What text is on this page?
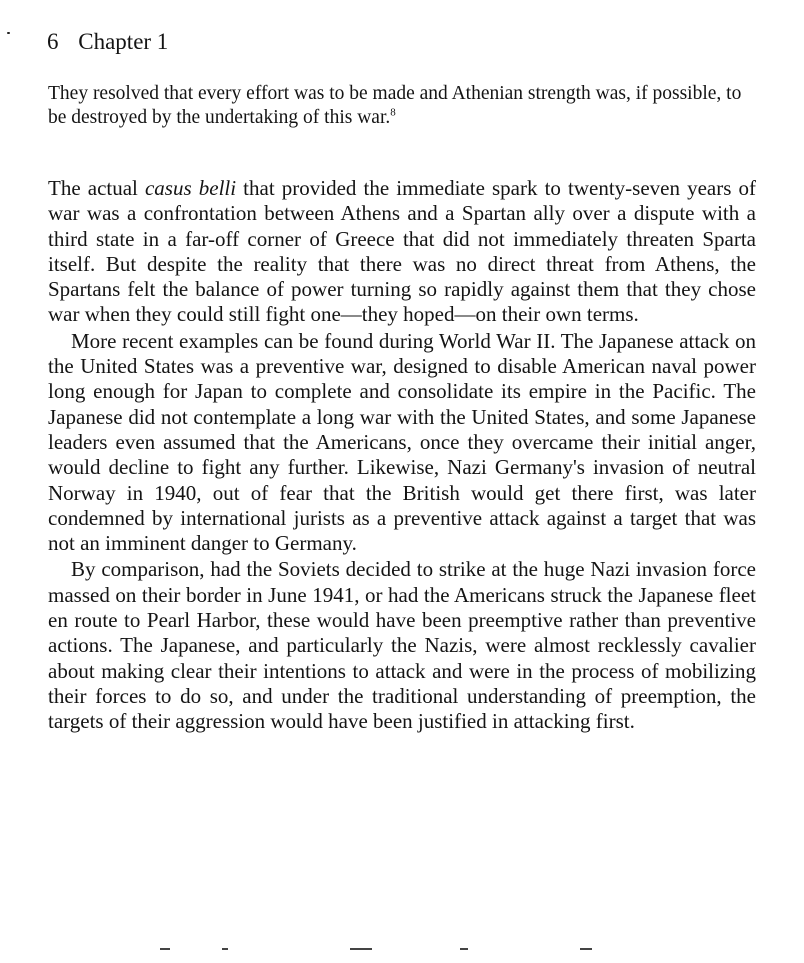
6 Chapter 1
They resolved that every effort was to be made and Athenian strength was, if possible, to be destroyed by the undertaking of this war.$^8$

The actual casus belli that provided the immediate spark to twenty-seven years of war was a confrontation between Athens and a Spartan ally over a dispute with a third state in a far-off corner of Greece that did not immediately threaten Sparta itself. But despite the reality that there was no direct threat from Athens, the Spartans felt the balance of power turning so rapidly against them that they chose war when they could still fight one—they hoped—on their own terms.

More recent examples can be found during World War II. The Japanese attack on the United States was a preventive war, designed to disable American naval power long enough for Japan to complete and consolidate its empire in the Pacific. The Japanese did not contemplate a long war with the United States, and some Japanese leaders even assumed that the Americans, once they overcame their initial anger, would decline to fight any further. Likewise, Nazi Germany's invasion of neutral Norway in 1940, out of fear that the British would get there first, was later condemned by international jurists as a preventive attack against a target that was not an imminent danger to Germany.

By comparison, had the Soviets decided to strike at the huge Nazi invasion force massed on their border in June 1941, or had the Americans struck the Japanese fleet en route to Pearl Harbor, these would have been preemptive rather than preventive actions. The Japanese, and particularly the Nazis, were almost recklessly cavalier about making clear their intentions to attack and were in the process of mobilizing their forces to do so, and under the traditional understanding of preemption, the targets of their aggression would have been justified in attacking first.
